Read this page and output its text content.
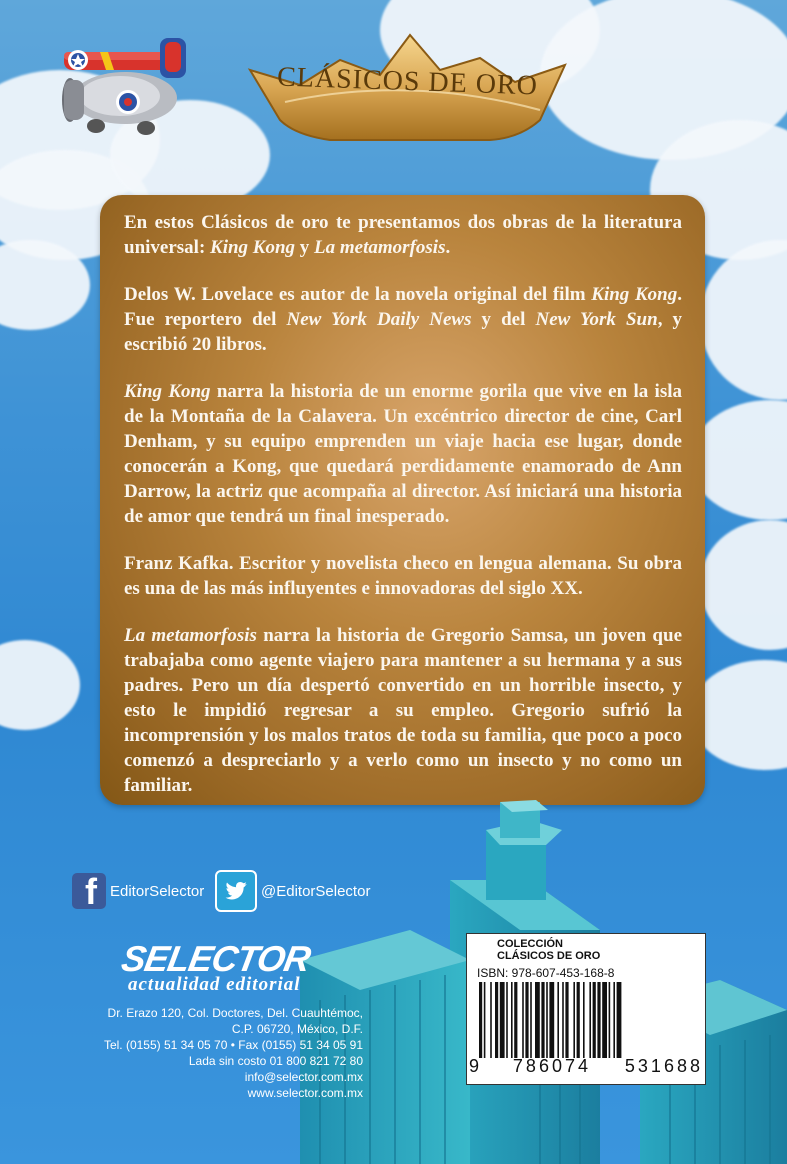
CLÁSICOS DE ORO

En estos Clásicos de oro te presentamos dos obras de la literatura universal: King Kong y La metamorfosis.

Delos W. Lovelace es autor de la novela original del film King Kong. Fue reportero del New York Daily News y del New York Sun, y escribió 20 libros.

King Kong narra la historia de un enorme gorila que vive en la isla de la Montaña de la Calavera. Un excéntrico director de cine, Carl Denham, y su equipo emprenden un viaje hacia ese lugar, donde conocerán a Kong, que quedará perdidamente enamorado de Ann Darrow, la actriz que acompaña al director. Así iniciará una historia de amor que tendrá un final inesperado.

Franz Kafka. Escritor y novelista checo en lengua alemana. Su obra es una de las más influyentes e innovadoras del siglo XX.

La metamorfosis narra la historia de Gregorio Samsa, un joven que trabajaba como agente viajero para mantener a su hermana y a sus padres. Pero un día despertó convertido en un horrible insecto, y esto le impidió regresar a su empleo. Gregorio sufrió la incomprensión y los malos tratos de toda su familia, que poco a poco comenzó a despreciarlo y a verlo como un insecto y no como un familiar.

f EditorSelector	@EditorSelector
SELECTOR
actualidad editorial
Dr. Erazo 120, Col. Doctores, Del. Cuauhtémoc,
C.P. 06720, México, D.F.
Tel. (0155) 51 34 05 70 • Fax (0155) 51 34 05 91
Lada sin costo 01 800 821 72 80
info@selector.com.mx
www.selector.com.mx
COLECCIÓN
CLÁSICOS DE ORO
ISBN: 978-607-453-168-8
9 786074 531688
